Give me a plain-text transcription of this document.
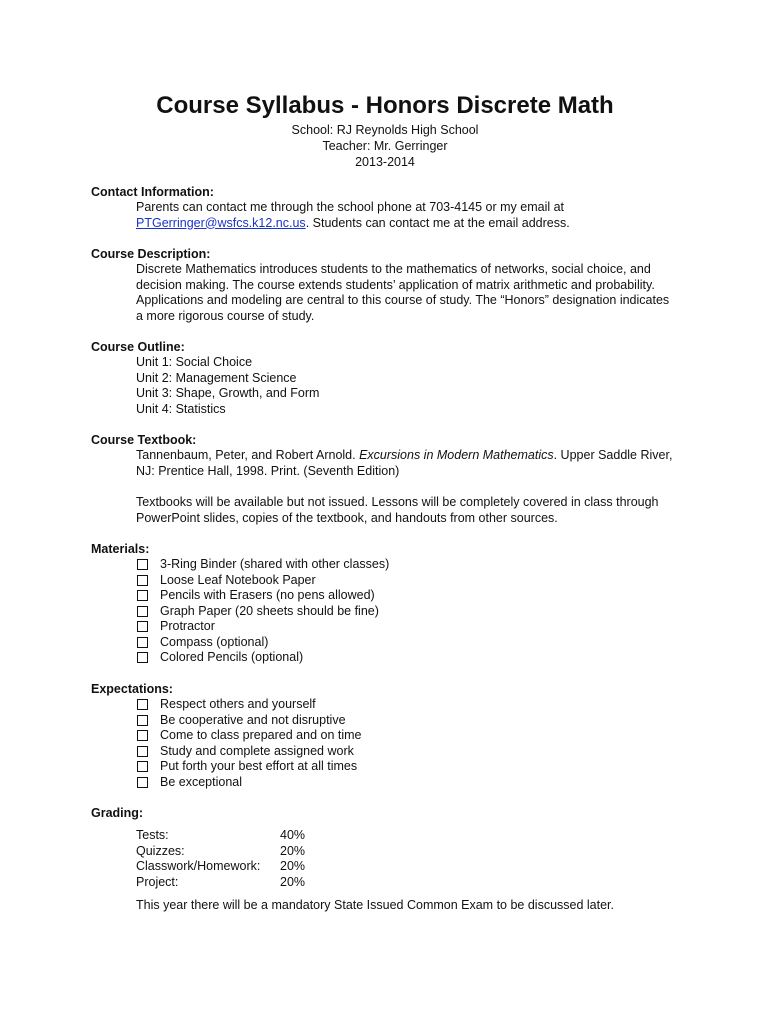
Course Syllabus - Honors Discrete Math
School: RJ Reynolds High School
Teacher: Mr. Gerringer
2013-2014
Contact Information:
Parents can contact me through the school phone at 703-4145 or my email at
PTGerringer@wsfcs.k12.nc.us. Students can contact me at the email address.
Course Description:
Discrete Mathematics introduces students to the mathematics of networks, social choice, and
decision making. The course extends students’ application of matrix arithmetic and probability.
Applications and modeling are central to this course of study. The “Honors” designation indicates
a more rigorous course of study.
Course Outline:
Unit 1: Social Choice
Unit 2: Management Science
Unit 3: Shape, Growth, and Form
Unit 4: Statistics
Course Textbook:
Tannenbaum, Peter, and Robert Arnold. Excursions in Modern Mathematics. Upper Saddle River,
NJ: Prentice Hall, 1998. Print. (Seventh Edition)
Textbooks will be available but not issued. Lessons will be completely covered in class through
PowerPoint slides, copies of the textbook, and handouts from other sources.
Materials:
3-Ring Binder (shared with other classes)
Loose Leaf Notebook Paper
Pencils with Erasers (no pens allowed)
Graph Paper (20 sheets should be fine)
Protractor
Compass (optional)
Colored Pencils (optional)
Expectations:
Respect others and yourself
Be cooperative and not disruptive
Come to class prepared and on time
Study and complete assigned work
Put forth your best effort at all times
Be exceptional
Grading:
Tests:	40%
Quizzes:	20%
Classwork/Homework:	20%
Project:	20%
This year there will be a mandatory State Issued Common Exam to be discussed later.
